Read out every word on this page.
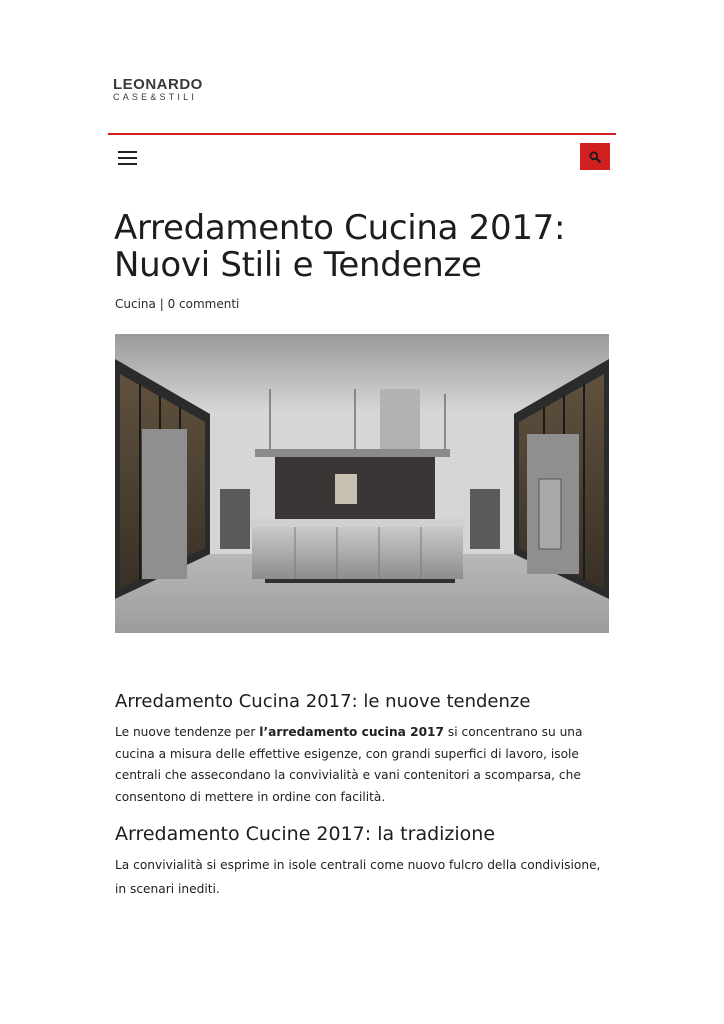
LEONARDO
CASE&STILI
Arredamento Cucina 2017:
Nuovi Stili e Tendenze
Cucina | 0 commenti
Arredamento Cucina 2017: le nuove tendenze

Le nuove tendenze per l’arredamento cucina 2017 si concentrano su una cucina a misura delle effettive esigenze, con grandi superfici di lavoro, isole centrali che assecondano la convivialità e vani contenitori a scomparsa, che consentono di mettere in ordine con facilità.

Arredamento Cucine 2017: la tradizione

La convivialità si esprime in isole centrali come nuovo fulcro della condivisione, in scenari inediti.
